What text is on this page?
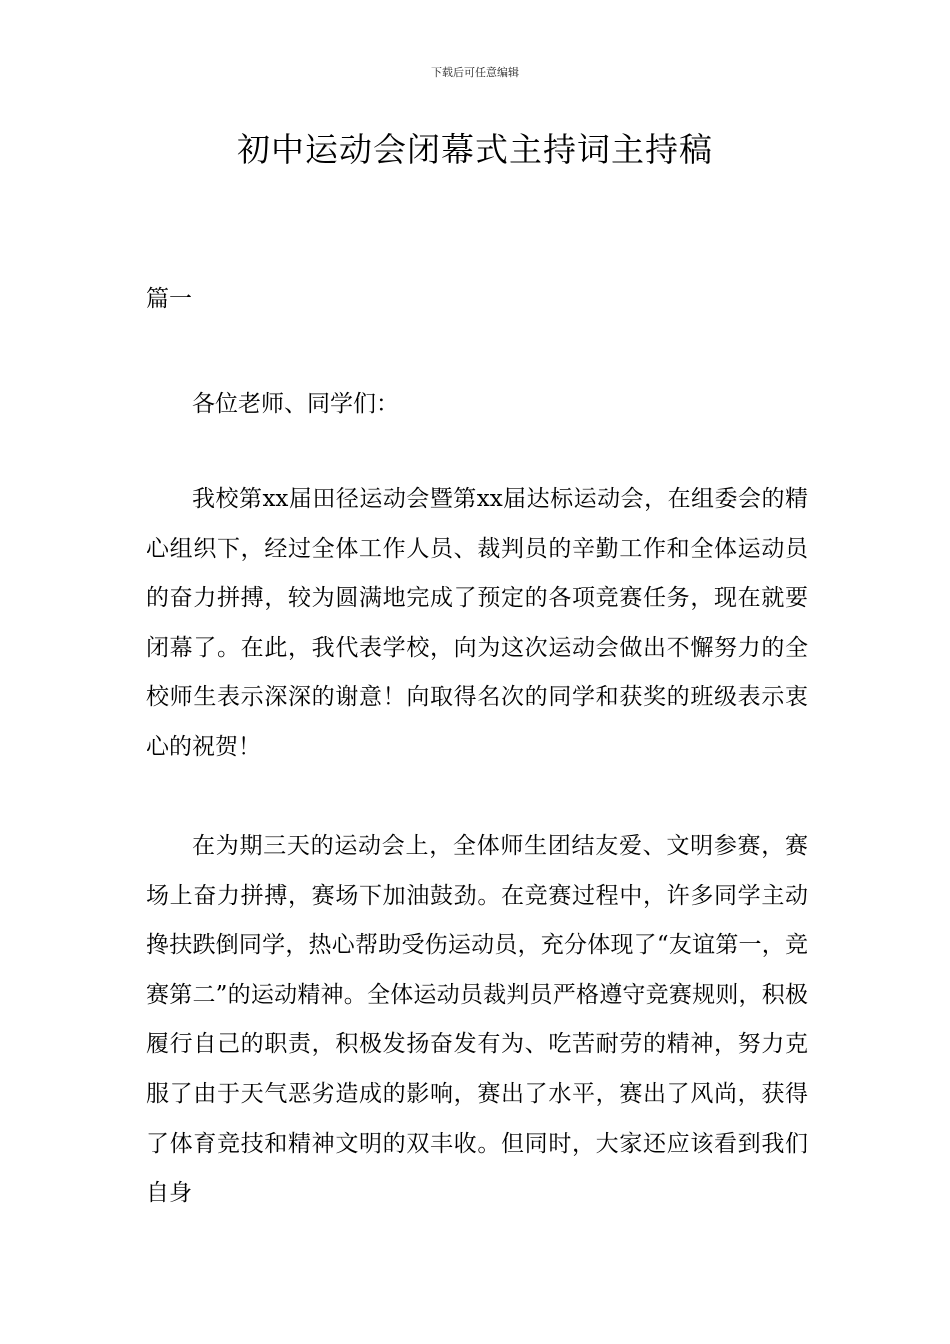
下载后可任意编辑
初中运动会闭幕式主持词主持稿
篇一

各位老师、同学们：

我校第xx届田径运动会暨第xx届达标运动会，在组委会的精心组织下，经过全体工作人员、裁判员的辛勤工作和全体运动员的奋力拼搏，较为圆满地完成了预定的各项竞赛任务，现在就要闭幕了。在此，我代表学校，向为这次运动会做出不懈努力的全校师生表示深深的谢意！向取得名次的同学和获奖的班级表示衷心的祝贺！

在为期三天的运动会上，全体师生团结友爱、文明参赛，赛场上奋力拼搏，赛场下加油鼓劲。在竞赛过程中，许多同学主动搀扶跌倒同学，热心帮助受伤运动员，充分体现了“友谊第一，竞赛第二”的运动精神。全体运动员裁判员严格遵守竞赛规则，积极履行自己的职责，积极发扬奋发有为、吃苦耐劳的精神，努力克服了由于天气恶劣造成的影响，赛出了水平，赛出了风尚，获得了体育竞技和精神文明的双丰收。但同时，大家还应该看到我们自身
